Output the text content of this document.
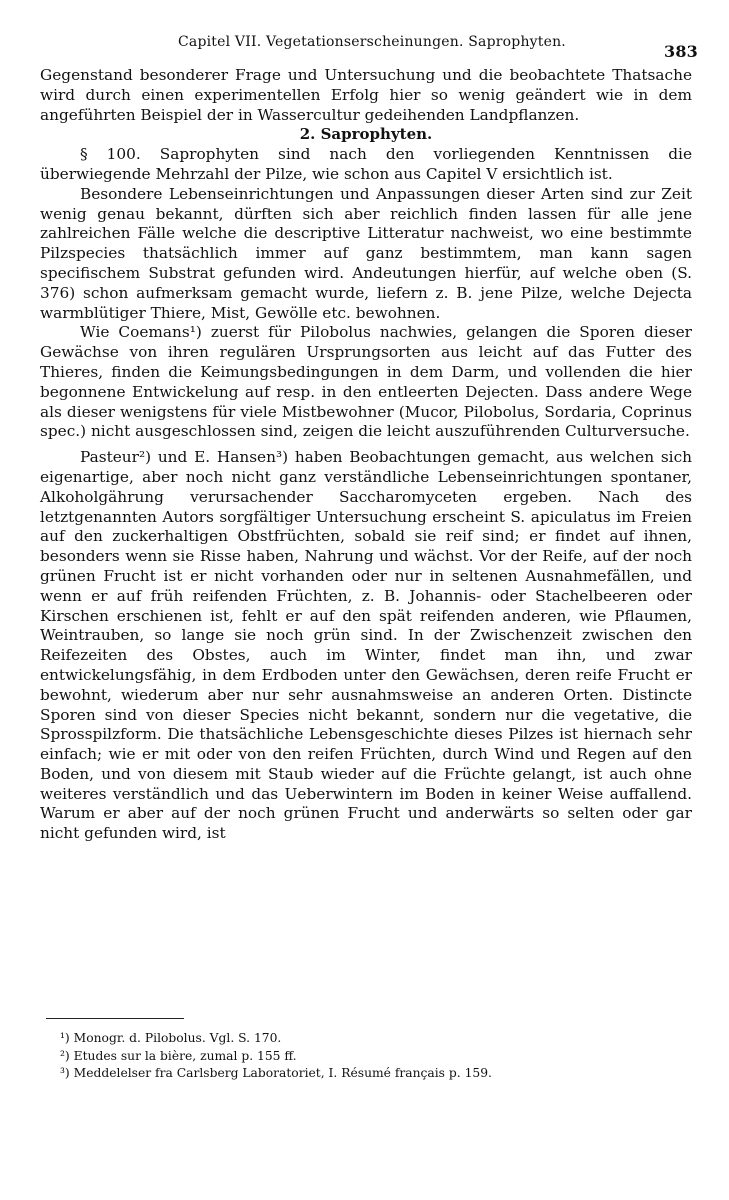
Capitel VII. Vegetationserscheinungen. Saprophyten.	383

Gegenstand besonderer Frage und Untersuchung und die beobachtete Thatsache wird durch einen experimentellen Erfolg hier so wenig geändert wie in dem angeführten Beispiel der in Wassercultur gedeihenden Landpflanzen.

2. Saprophyten.

§ 100. Saprophyten sind nach den vorliegenden Kenntnissen die überwiegende Mehrzahl der Pilze, wie schon aus Capitel V ersichtlich ist.

Besondere Lebenseinrichtungen und Anpassungen dieser Arten sind zur Zeit wenig genau bekannt, dürften sich aber reichlich finden lassen für alle jene zahlreichen Fälle welche die descriptive Litteratur nachweist, wo eine bestimmte Pilzspecies thatsächlich immer auf ganz bestimmtem, man kann sagen specifischem Substrat gefunden wird. Andeutungen hierfür, auf welche oben (S. 376) schon aufmerksam gemacht wurde, liefern z. B. jene Pilze, welche Dejecta warmblütiger Thiere, Mist, Gewölle etc. bewohnen.

Wie Coemans¹) zuerst für Pilobolus nachwies, gelangen die Sporen dieser Gewächse von ihren regulären Ursprungsorten aus leicht auf das Futter des Thieres, finden die Keimungsbedingungen in dem Darm, und vollenden die hier begonnene Entwickelung auf resp. in den entleerten Dejecten. Dass andere Wege als dieser wenigstens für viele Mistbewohner (Mucor, Pilobolus, Sordaria, Coprinus spec.) nicht ausgeschlossen sind, zeigen die leicht auszuführenden Culturversuche.

Pasteur²) und E. Hansen³) haben Beobachtungen gemacht, aus welchen sich eigenartige, aber noch nicht ganz verständliche Lebenseinrichtungen spontaner, Alkoholgährung verursachender Saccharomyceten ergeben. Nach des letztgenannten Autors sorgfältiger Untersuchung erscheint S. apiculatus im Freien auf den zuckerhaltigen Obstfrüchten, sobald sie reif sind; er findet auf ihnen, besonders wenn sie Risse haben, Nahrung und wächst. Vor der Reife, auf der noch grünen Frucht ist er nicht vorhanden oder nur in seltenen Ausnahmefällen, und wenn er auf früh reifenden Früchten, z. B. Johannis- oder Stachelbeeren oder Kirschen erschienen ist, fehlt er auf den spät reifenden anderen, wie Pflaumen, Weintrauben, so lange sie noch grün sind. In der Zwischenzeit zwischen den Reifezeiten des Obstes, auch im Winter, findet man ihn, und zwar entwickelungsfähig, in dem Erdboden unter den Gewächsen, deren reife Frucht er bewohnt, wiederum aber nur sehr ausnahmsweise an anderen Orten. Distincte Sporen sind von dieser Species nicht bekannt, sondern nur die vegetative, die Sprosspilzform. Die thatsächliche Lebensgeschichte dieses Pilzes ist hiernach sehr einfach; wie er mit oder von den reifen Früchten, durch Wind und Regen auf den Boden, und von diesem mit Staub wieder auf die Früchte gelangt, ist auch ohne weiteres verständlich und das Ueberwintern im Boden in keiner Weise auffallend. Warum er aber auf der noch grünen Frucht und anderwärts so selten oder gar nicht gefunden wird, ist

¹) Monogr. d. Pilobolus. Vgl. S. 170.
²) Etudes sur la bière, zumal p. 155 ff.
³) Meddelelser fra Carlsberg Laboratoriet, I. Résumé français p. 159.
